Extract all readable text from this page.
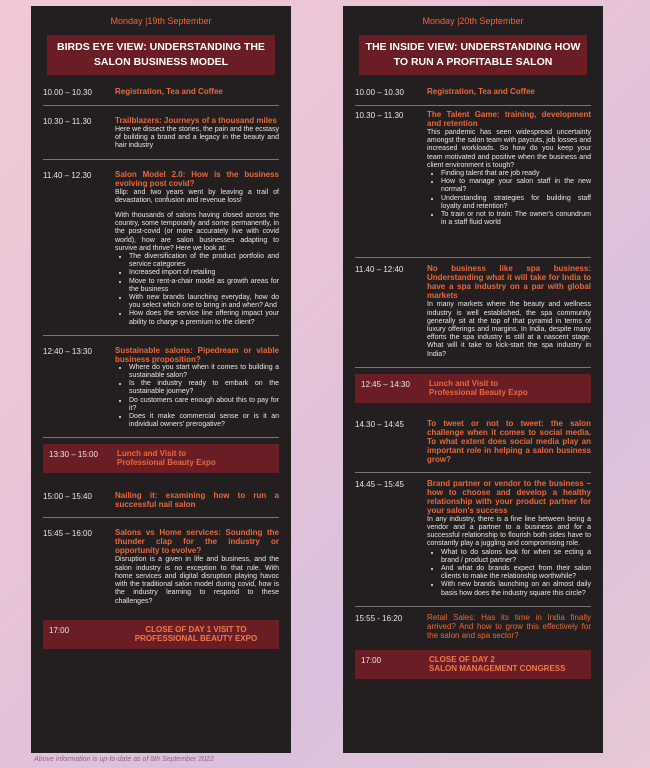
Monday |19th September
BIRDS EYE VIEW: UNDERSTANDING THE SALON BUSINESS MODEL
10.00 – 10.30	Registration, Tea and Coffee
10.30 – 11.30	Trailblazers: Journeys of a thousand miles
Here we dissect the stories, the pain and the ecstasy of building a brand and a legacy in the beauty and hair industry
11.40 – 12.30	Salon Model 2.0: How is the business evolving post covid?

Blip: and two years went by leaving a trail of devastation, confusion and revenue loss!

With thousands of salons having closed across the country, some temporarily and some permanently, in the post-covid (or more accurately live with covid world), how are salon businesses adapting to survive and thrive? Here we look at:

• The diversification of the product portfolio and service categories
• Increased import of retailing
• Move to rent-a-chair model as growth areas for the business
• With new brands launching everyday, how do you select which one to bring in and when? And
• How does the service line offering impact your ability to charge a premium to the client?
12:40 – 13:30	Sustainable salons: Pipedream or viable business proposition?
• Where do you start when it comes to building a sustainable salon?
• Is the industry ready to embark on the sustainable journey?
• Do customers care enough about this to pay for it?
• Does it make commercial sense or is it an individual owners' prerogative?
13:30 – 15:00	Lunch and Visit to
Professional Beauty Expo
15:00 – 15:40	Nailing it: examining how to run a successful nail salon
15:45 – 16:00	Salons vs Home services: Sounding the thunder clap for the industry or opportunity to evolve?
Disruption is a given in life and business, and the salon industry is no exception to that rule. With home services and digital disruption playing havoc with the traditional salon model during covid, how is the industry learning to respond to these challenges?
17:00	CLOSE OF DAY 1 VISIT TO
PROFESSIONAL BEAUTY EXPO
Monday |20th September
THE INSIDE VIEW: UNDERSTANDING HOW TO RUN A PROFITABLE SALON
10.00 – 10.30	Registration, Tea and Coffee
10.30 – 11.30	The Talent Game: training, development and retention
This pandemic has seen widespread uncertainty amongst the salon team with paycuts, job losses and increased workloads. So how do you keep your team motivated and positive when the business and client environment is tough?
• Finding talent that are job ready
• How to manage your salon staff in the new normal?
• Understanding strategies for building staff loyalty and retention?
• To train or not to train: The owner's conundrum in a staff fluid world
11.40 – 12:40	No business like spa business: Understanding what it will take for India to have a spa industry on a par with global markets
In many markets where the beauty and wellness industry is well established, the spa community generally sit at the top of that pyramid in terms of luxury offerings and margins. In India, despite many efforts the spa industry is still at a nascent stage. What will it take to kick-start the spa industry in India?
12:45 – 14:30	Lunch and Visit to
Professional Beauty Expo
14.30 – 14:45	To tweet or not to tweet: the salon challenge when it comes to social media. To what extent does social media play an important role in helping a salon business grow?
14.45 – 15:45	Brand partner or vendor to the business – how to choose and develop a healthy relationship with your product partner for your salon's success
In any industry, there is a fine line between being a vendor and a partner to a business and for a successful relationship to flourish both sides have to constantly play a juggling and compromising role.
• What to do salons look for when se ecting a brand / product partner?
• And what do brands expect from their salon clients to make the relationship worthwhile?
• With new brands launching on an almost daily basis how does the industry square this circle?
15:55 - 16:20	Retail Sales: Has its time in India finally arrived? And how to grow this effectively for the salon and spa sector?
17:00	CLOSE OF DAY 2
SALON MANAGEMENT CONGRESS
Above information is up-to-date as of 8th September 2022
